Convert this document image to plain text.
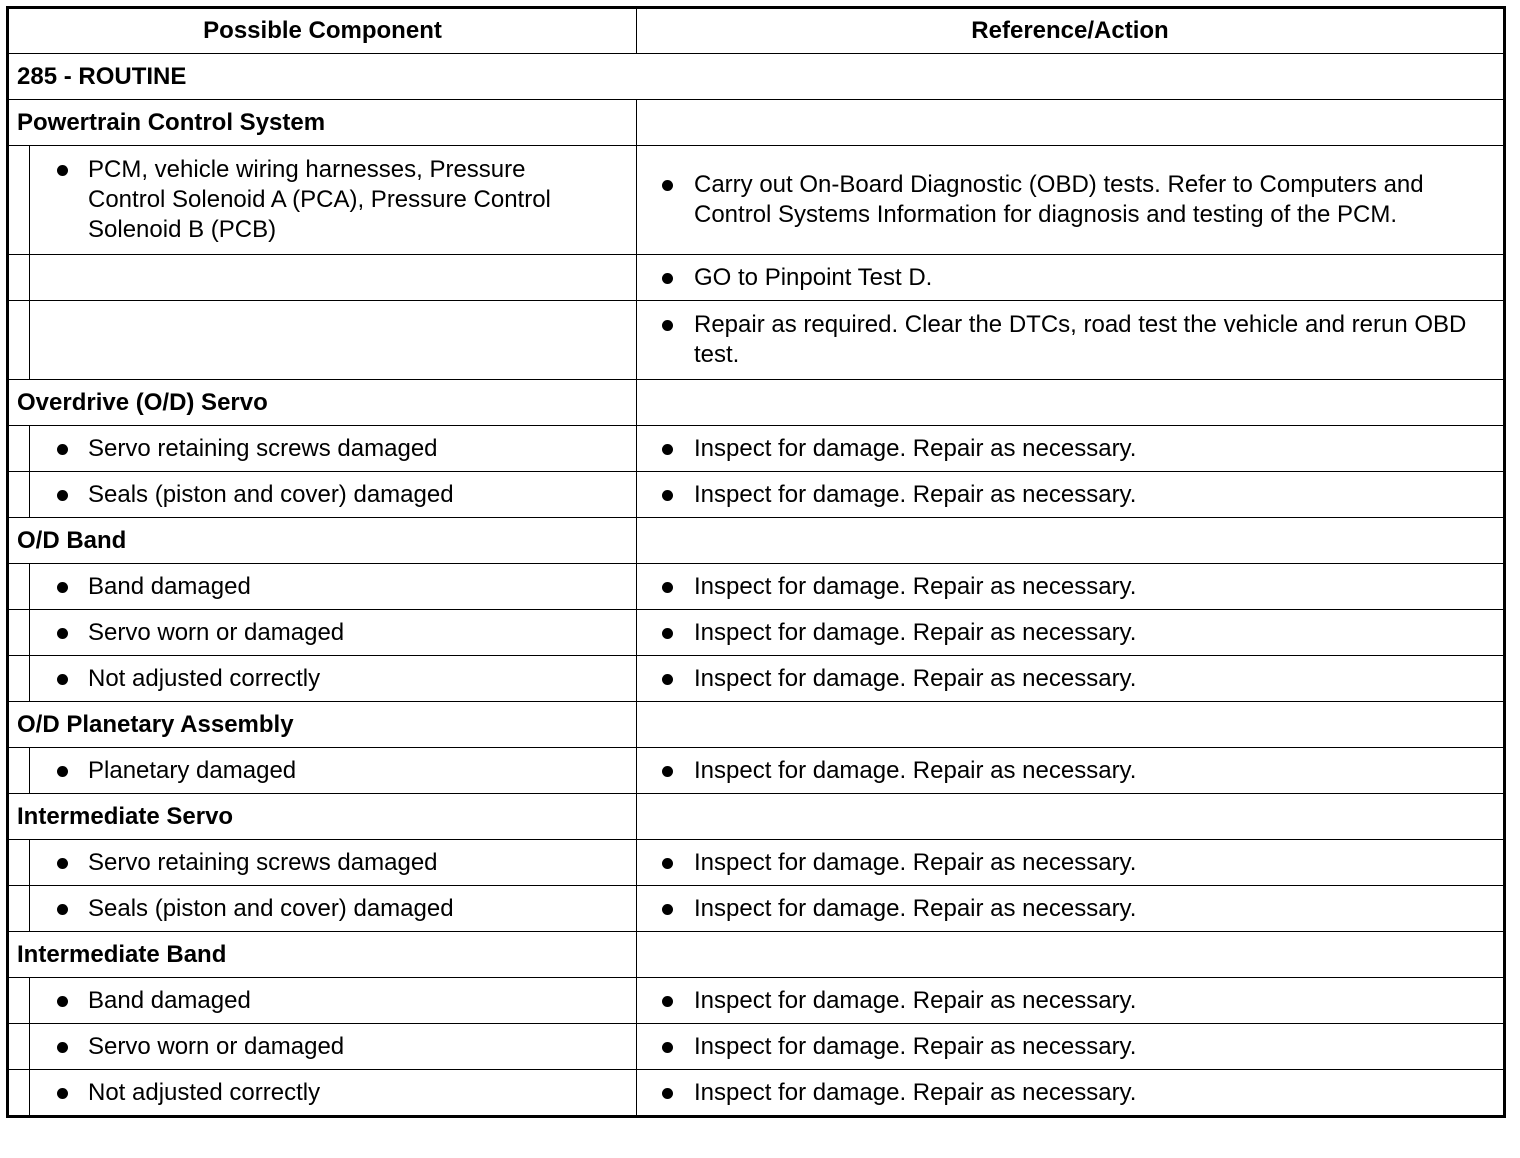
Possible Component		Reference/Action
285 - ROUTINE		
Powertrain Control System		

	PCM, vehicle wiring harnesses, Pressure Control Solenoid A (PCA), Pressure Control Solenoid B (PCB)	Carry out On-Board Diagnostic (OBD) tests. Refer to Computers and Control Systems Information for diagnosis and testing of the PCM.

		GO to Pinpoint Test D.

		Repair as required. Clear the DTCs, road test the vehicle and rerun OBD test.

Overdrive (O/D) Servo		

	Servo retaining screws damaged	Inspect for damage. Repair as necessary.

	Seals (piston and cover) damaged	Inspect for damage. Repair as necessary.

O/D Band		

	Band damaged	Inspect for damage. Repair as necessary.

	Servo worn or damaged	Inspect for damage. Repair as necessary.

	Not adjusted correctly	Inspect for damage. Repair as necessary.

O/D Planetary Assembly		

	Planetary damaged	Inspect for damage. Repair as necessary.

Intermediate Servo		

	Servo retaining screws damaged	Inspect for damage. Repair as necessary.

	Seals (piston and cover) damaged	Inspect for damage. Repair as necessary.

Intermediate Band		

	Band damaged	Inspect for damage. Repair as necessary.

	Servo worn or damaged	Inspect for damage. Repair as necessary.

	Not adjusted correctly	Inspect for damage. Repair as necessary.
